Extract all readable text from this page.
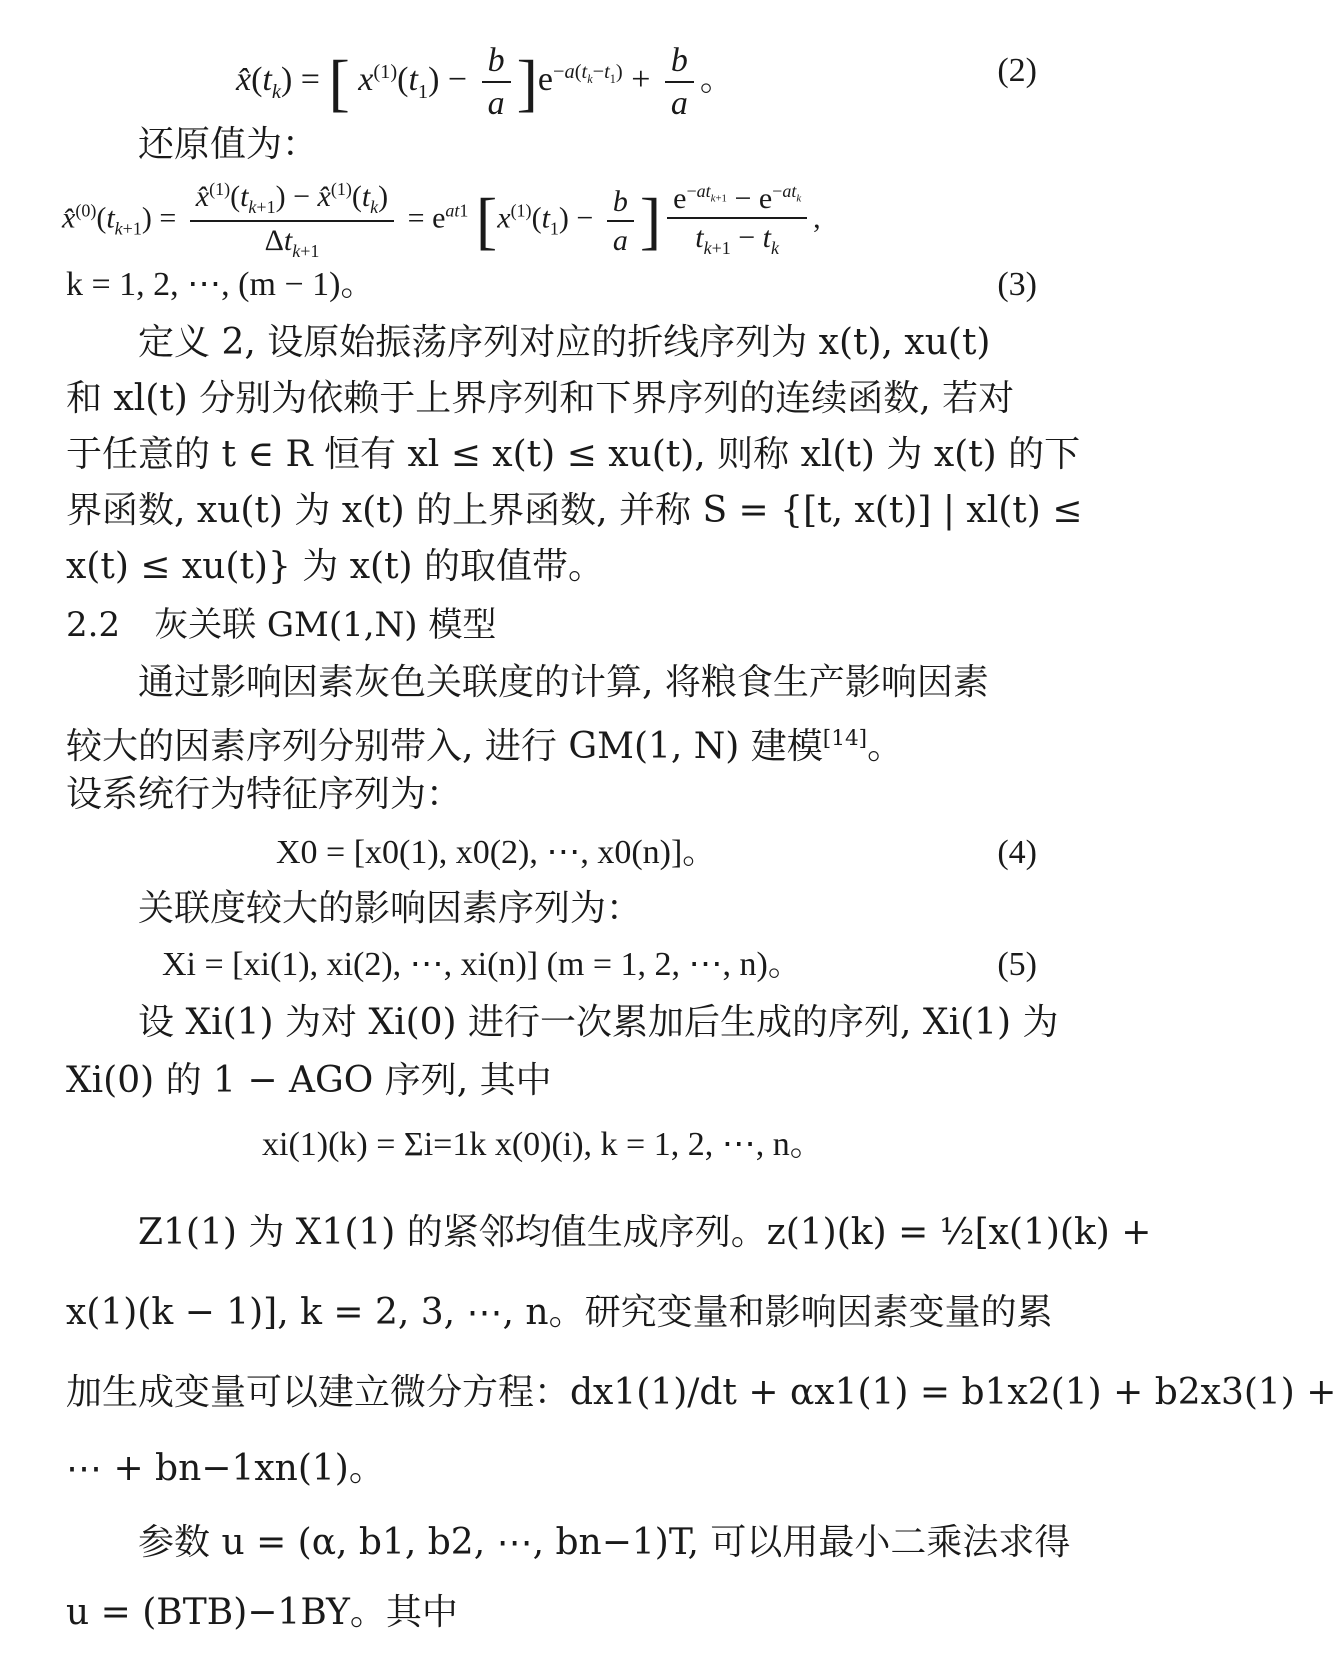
$x̂(t_k)$ = [ $x^{(1)}(t_1) - \frac{b}{a} ]e^{-a(t_k-t_1)} + \frac{b}{a}$ 。	(2)
还原值为：
$x̂^{(0)}(t_{k+1}) = \frac{x̂^{(1)}(t_{k+1}) - x̂^{(1)}(t_k)}{\Delta t_{k+1}} = e^{at1}$ [$x^{(1)}(t_1) - \frac{b}{a}$ ] $\frac{e^{-at_{k+1}} - e^{-at_k}}{t_{k+1} - t_k}$ ,
k = 1, 2, ⋯, (m − 1)。	(3)
定义 2, 设原始振荡序列对应的折线序列为 x(t), xu(t)
和 xl(t) 分别为依赖于上界序列和下界序列的连续函数, 若对
于任意的 t ∈ R 恒有 xl ≤ x(t) ≤ xu(t), 则称 xl(t) 为 x(t) 的下
界函数, xu(t) 为 x(t) 的上界函数, 并称 S = {[t, x(t)] | xl(t) ≤
x(t) ≤ xu(t)} 为 x(t) 的取值带。
2.2　灰关联 GM(1,N) 模型
通过影响因素灰色关联度的计算, 将粮食生产影响因素
较大的因素序列分别带入, 进行 GM(1, N) 建模[14]。
设系统行为特征序列为：
X0 = [x0(1), x0(2), ⋯, x0(n)]。	(4)
关联度较大的影响因素序列为：
Xi = [xi(1), xi(2), ⋯, xi(n)] (m = 1, 2, ⋯, n)。	(5)
设 Xi(1) 为对 Xi(0) 进行一次累加后生成的序列, Xi(1) 为
Xi(0) 的 1 − AGO 序列, 其中
xi(1)(k) = Σi=1k x(0)(i), k = 1, 2, ⋯, n。
Z1(1) 为 X1(1) 的紧邻均值生成序列。z(1)(k) = ½[x(1)(k) +
x(1)(k − 1)], k = 2, 3, ⋯, n。研究变量和影响因素变量的累
加生成变量可以建立微分方程：dx1(1)/dt + αx1(1) = b1x2(1) + b2x3(1) +
⋯ + bn−1xn(1)。
参数 u = (α, b1, b2, ⋯, bn−1)T, 可以用最小二乘法求得
u = (BTB)−1BY。其中
